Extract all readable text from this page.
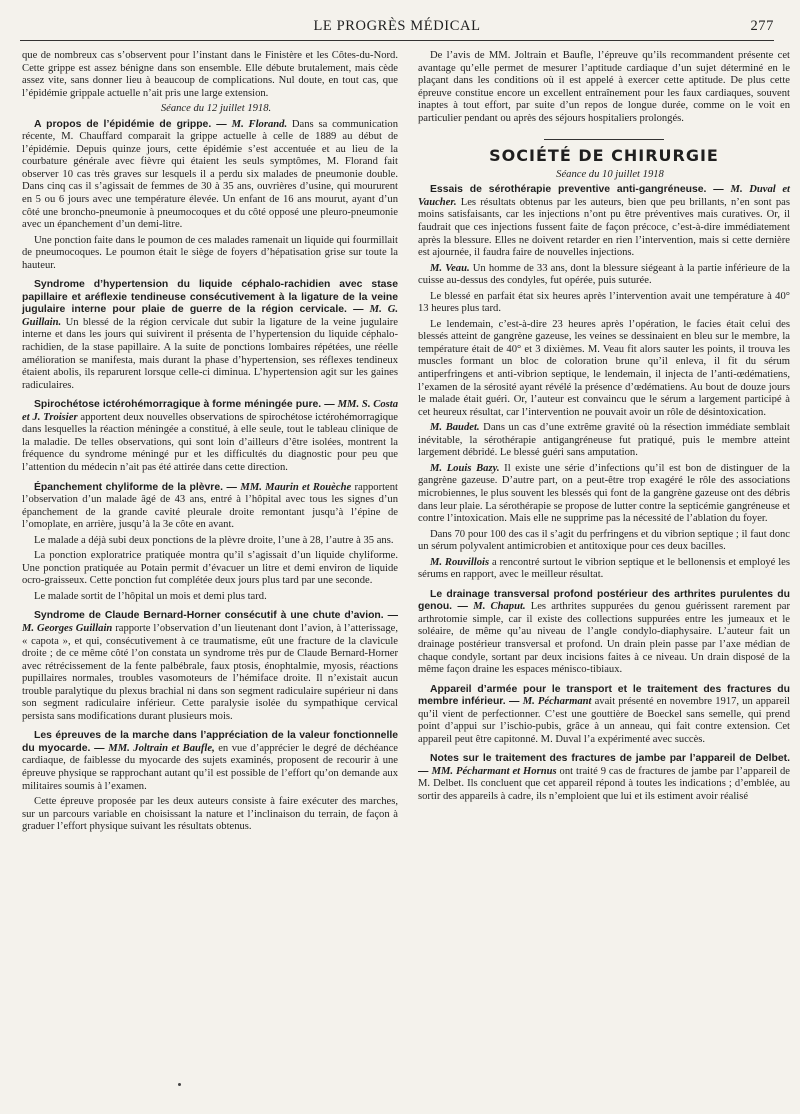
LE PROGRÈS MÉDICAL	277

que de nombreux cas s’observent pour l’instant dans le Finistère et les Côtes-du-Nord. Cette grippe est assez bénigne dans son ensemble. Elle débute brutalement, mais cède assez vite, sans donner lieu à beaucoup de complications. Nul doute, en tout cas, que l’épidémie grippale actuelle n’ait pris une large extension.

Séance du 12 juillet 1918.

A propos de l’épidémie de grippe. — M. Florand. Dans sa communication récente, M. Chauffard comparait la grippe actuelle à celle de 1889 au début de l’épidémie. Depuis quinze jours, cette épidémie s’est accentuée et au lieu de la courbature générale avec fièvre qui étaient les seuls symptômes, M. Florand fait observer 10 cas très graves sur lesquels il a perdu six malades de pneumonie double. Dans cinq cas il s’agissait de femmes de 30 à 35 ans, ouvrières d’usine, qui moururent en 5 ou 6 jours avec une température élevée. Un enfant de 16 ans mourut, ayant d’un côté une broncho-pneumonie à pneumocoques et du côté opposé une pleuro-pneumonie avec un épanchement d’un demi-litre.

Une ponction faite dans le poumon de ces malades ramenait un liquide qui fourmillait de pneumocoques. Le poumon était le siège de foyers d’hépatisation grise sur toute la hauteur.

Syndrome d’hypertension du liquide céphalo-rachidien avec stase papillaire et aréflexie tendineuse consécutivement à la ligature de la veine jugulaire interne pour plaie de guerre de la région cervicale. — M. G. Guillain. Un blessé de la région cervicale dut subir la ligature de la veine jugulaire interne et dans les jours qui suivirent il présenta de l’hypertension du liquide céphalo-rachidien, de la stase papillaire. A la suite de ponctions lombaires répétées, une réelle amélioration se manifesta, mais durant la phase d’hypertension, ses réflexes tendineux étaient abolis, ils reparurent lorsque celle-ci diminua. L’hypertension agit sur les gaines radiculaires.

Spirochétose ictérohémorragique à forme méningée pure. — MM. S. Costa et J. Troisier apportent deux nouvelles observations de spirochétose ictérohémorragique dans lesquelles la réaction méningée a constitué, à elle seule, tout le tableau clinique de la maladie. De telles observations, qui sont loin d’ailleurs d’être isolées, montrent la fréquence du syndrome méningé pur et les difficultés du diagnostic pour peu que l’attention du médecin n’ait pas été attirée dans cette direction.

Épanchement chyliforme de la plèvre. — MM. Maurin et Rouèche rapportent l’observation d’un malade âgé de 43 ans, entré à l’hôpital avec tous les signes d’un épanchement de la grande cavité pleurale droite remontant jusqu’à l’épine de l’omoplate, en arrière, jusqu’à la 3e côte en avant.

Le malade a déjà subi deux ponctions de la plèvre droite, l’une à 28, l’autre à 35 ans.

La ponction exploratrice pratiquée montra qu’il s’agissait d’un liquide chyliforme. Une ponction pratiquée au Potain permit d’évacuer un litre et demi environ de liquide ocro-graisseux. Cette ponction fut complétée deux jours plus tard par une seconde.

Le malade sortit de l’hôpital un mois et demi plus tard.

Syndrome de Claude Bernard-Horner consécutif à une chute d’avion. — M. Georges Guillain rapporte l’observation d’un lieutenant dont l’avion, à l’atterissage, « capota », et qui, consécutivement à ce traumatisme, eût une fracture de la clavicule droite ; de ce même côté l’on constata un syndrome très pur de Claude Bernard-Horner avec rétrécissement de la fente palbébrale, faux ptosis, énophtalmie, myosis, réactions pupillaires normales, troubles vasomoteurs de l’hémiface droite. Il n’existait aucun trouble paralytique du plexus brachial ni dans son segment radiculaire supérieur ni dans son segment radiculaire inférieur. Cette paralysie isolée du sympathique cervical persista sans modifications durant plusieurs mois.

Les épreuves de la marche dans l’appréciation de la valeur fonctionnelle du myocarde. — MM. Joltrain et Baufle, en vue d’apprécier le degré de déchéance cardiaque, de faiblesse du myocarde des sujets examinés, proposent de recourir à une épreuve physique se rapprochant autant qu’il est possible de l’effort qu’on demande aux militaires soumis à l’examen.

Cette épreuve proposée par les deux auteurs consiste à faire exécuter des marches, sur un parcours variable en choisissant la nature et l’inclinaison du terrain, de façon à graduer l’effort physique suivant les résultats obtenus.

De l’avis de MM. Joltrain et Baufle, l’épreuve qu’ils recommandent présente cet avantage qu’elle permet de mesurer l’aptitude cardiaque d’un sujet déterminé en le plaçant dans les conditions où il est appelé à exercer cette aptitude. De plus cette épreuve constitue encore un excellent entraînement pour les faux cardiaques, souvent inaptes à tout effort, par suite d’un repos de longue durée, comme on le voit en particulier pendant ou après des séjours hospitaliers prolongés.

SOCIÉTÉ DE CHIRURGIE

Séance du 10 juillet 1918

Essais de sérothérapie preventive anti-gangréneuse. — M. Duval et Vaucher. Les résultats obtenus par les auteurs, bien que peu brillants, n’en sont pas moins satisfaisants, car les injections n’ont pu être préventives mais curatives. Or, il faudrait que ces injections fussent faite de façon précoce, c’est-à-dire immédiatement après la blessure. Elles ne doivent retarder en rien l’intervention, mais si cette dernière est ajournée, il faudra faire de nouvelles injections.

M. Veau. Un homme de 33 ans, dont la blessure siégeant à la partie inférieure de la cuisse au-dessus des condyles, fut opérée, puis suturée.

Le blessé en parfait état six heures après l’intervention avait une température à 40° 13 heures plus tard.

Le lendemain, c’est-à-dire 23 heures après l’opération, le facies était celui des blessés atteint de gangrène gazeuse, les veines se dessinaient en bleu sur le membre, la température était de 40° et 3 dixièmes. M. Veau fit alors sauter les points, il trouva les muscles formant un bloc de coloration brune qu’il enleva, il fit du sérum antiperfringens et anti-vibrion septique, le lendemain, il injecta de l’anti-œdématiens, l’examen de la sérosité ayant révélé la présence d’œdématiens. Au bout de douze jours le malade était guéri. Or, l’auteur est convaincu que le sérum a largement participé à cet heureux résultat, car l’intervention ne pouvait avoir un rôle de désintoxication.

M. Baudet. Dans un cas d’une extrême gravité où la résection immédiate semblait inévitable, la sérothérapie antigangréneuse fut pratiqué, puis le membre atteint largement débridé. Le blessé guéri sans amputation.

M. Louis Bazy. Il existe une série d’infections qu’il est bon de distinguer de la gangrène gazeuse. D’autre part, on a peut-être trop exagéré le rôle des associations microbiennes, le plus souvent les blessés qui font de la gangrène gazeuse ont des débris dans leur plaie. La sérothérapie se propose de lutter contre la septicémie gangréneuse et contre l’intoxication. Mais elle ne supprime pas la nécessité de l’ablation du foyer.

Dans 70 pour 100 des cas il s’agit du perfringens et du vibrion septique ; il faut donc un sérum polyvalent antimicrobien et antitoxique pour ces deux bacilles.

M. Rouvillois a rencontré surtout le vibrion septique et le bellonensis et employé les sérums en rapport, avec le meilleur résultat.

Le drainage transversal profond postérieur des arthrites purulentes du genou. — M. Chaput. Les arthrites suppurées du genou guérissent rarement par arthrotomie simple, car il existe des collections suppurées entre les jumeaux et le soléaire, de même qu’au niveau de l’angle condylo-diaphysaire. L’auteur fait un drainage postérieur transversal et profond. Un drain plein passe par l’axe médian de chaque condyle, sortant par deux incisions faites à ce niveau. Un drain disposé de la même façon draine les espaces ménisco-tibiaux.

Appareil d’armée pour le transport et le traitement des fractures du membre inférieur. — M. Pécharmant avait présenté en novembre 1917, un appareil qu’il vient de perfectionner. C’est une gouttière de Boeckel sans semelle, qui prend point d’appui sur l’ischio-pubis, grâce à un anneau, qui fait contre extension. Cet appareil peut être capitonné. M. Duval l’a expérimenté avec succès.

Notes sur le traitement des fractures de jambe par l’appareil de Delbet. — MM. Pécharmant et Hornus ont traité 9 cas de fractures de jambe par l’appareil de M. Delbet. Ils concluent que cet appareil répond à toutes les indications ; d’emblée, au sortir des appareils à cadre, ils n’emploient que lui et ils estiment avoir réalisé
